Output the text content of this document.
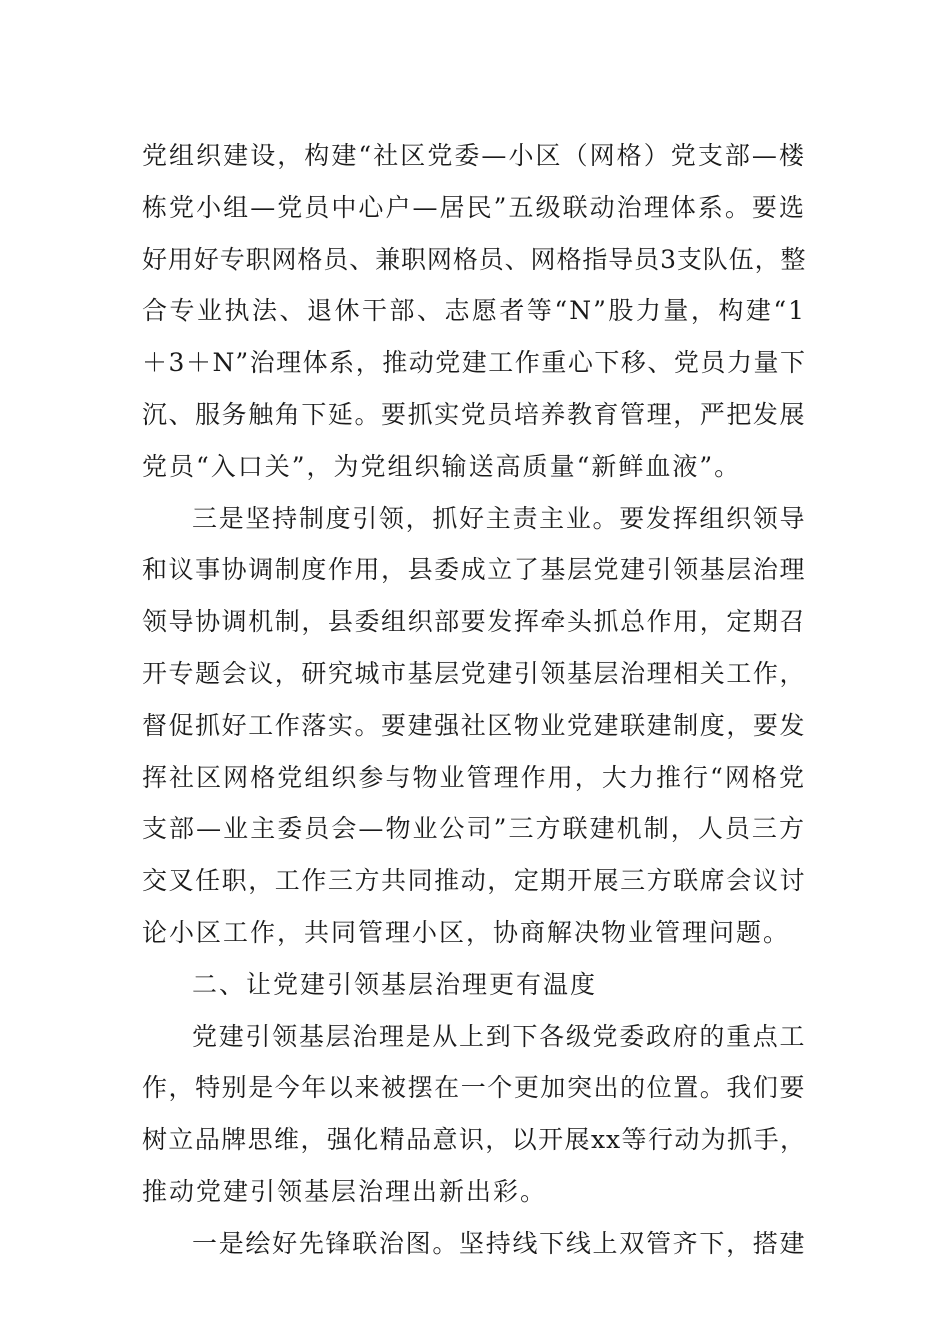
党组织建设，构建“社区党委—小区（网格）党支部—楼
栋党小组—党员中心户—居民”五级联动治理体系。要选
好用好专职网格员、兼职网格员、网格指导员3支队伍，整
合专业执法、退休干部、志愿者等“N”股力量，构建“1
＋3＋N”治理体系，推动党建工作重心下移、党员力量下
沉、服务触角下延。要抓实党员培养教育管理，严把发展
党员“入口关”，为党组织输送高质量“新鲜血液”。
三是坚持制度引领，抓好主责主业。要发挥组织领导
和议事协调制度作用，县委成立了基层党建引领基层治理
领导协调机制，县委组织部要发挥牵头抓总作用，定期召
开专题会议，研究城市基层党建引领基层治理相关工作，
督促抓好工作落实。要建强社区物业党建联建制度，要发
挥社区网格党组织参与物业管理作用，大力推行“网格党
支部—业主委员会—物业公司”三方联建机制，人员三方
交叉任职，工作三方共同推动，定期开展三方联席会议讨
论小区工作，共同管理小区，协商解决物业管理问题。
二、让党建引领基层治理更有温度
党建引领基层治理是从上到下各级党委政府的重点工
作，特别是今年以来被摆在一个更加突出的位置。我们要
树立品牌思维，强化精品意识，以开展xx等行动为抓手，
推动党建引领基层治理出新出彩。
一是绘好先锋联治图。坚持线下线上双管齐下，搭建
